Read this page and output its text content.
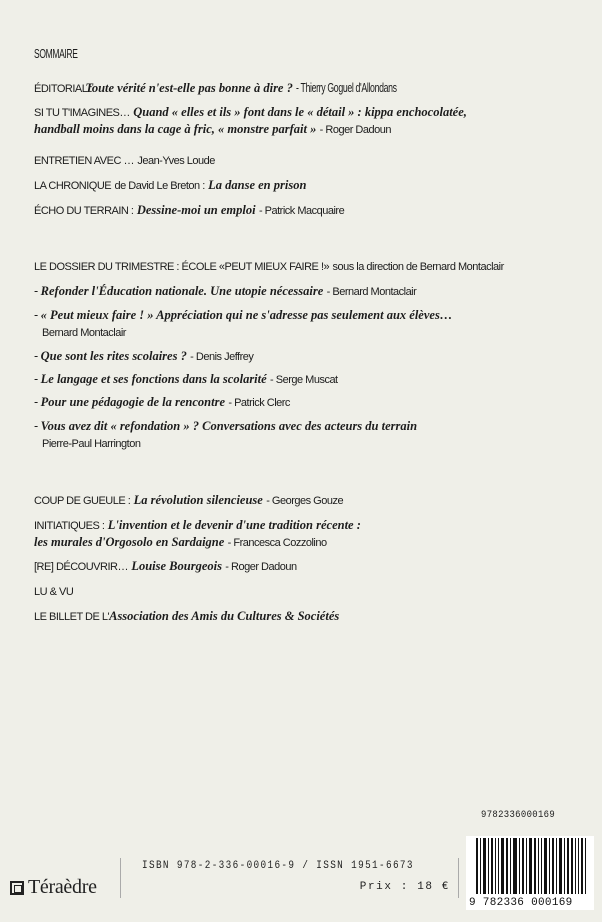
SOMMAIRE
ÉDITORIAL : Toute vérité n'est-elle pas bonne à dire ? - Thierry Goguel d'Allondans
SI TU T'IMAGINES… Quand « elles et ils » font dans le « détail » : kippa enchocolatée,
handball moins dans la cage à fric, « monstre parfait » - Roger Dadoun
ENTRETIEN AVEC … Jean-Yves Loude
LA CHRONIQUE de David Le Breton : La danse en prison
ÉCHO DU TERRAIN : Dessine-moi un emploi - Patrick Macquaire
LE DOSSIER DU TRIMESTRE : ÉCOLE «PEUT MIEUX FAIRE !» sous la direction de Bernard Montaclair
- Refonder l'Éducation nationale. Une utopie nécessaire - Bernard Montaclair
- « Peut mieux faire ! » Appréciation qui ne s'adresse pas seulement aux élèves…
Bernard Montaclair
- Que sont les rites scolaires ? - Denis Jeffrey
- Le langage et ses fonctions dans la scolarité - Serge Muscat
- Pour une pédagogie de la rencontre - Patrick Clerc
- Vous avez dit « refondation » ? Conversations avec des acteurs du terrain
Pierre-Paul Harrington
COUP DE GUEULE : La révolution silencieuse - Georges Gouze
INITIATIQUES : L'invention et le devenir d'une tradition récente :
les murales d'Orgosolo en Sardaigne - Francesca Cozzolino
[RE] DÉCOUVRIR… Louise Bourgeois - Roger Dadoun
LU & VU
LE BILLET DE L'Association des Amis du Cultures & Sociétés
Téraèdre
ISBN 978-2-336-00016-9 / ISSN 1951-6673
Prix : 18 €
9782336000169
9 782336 000169
